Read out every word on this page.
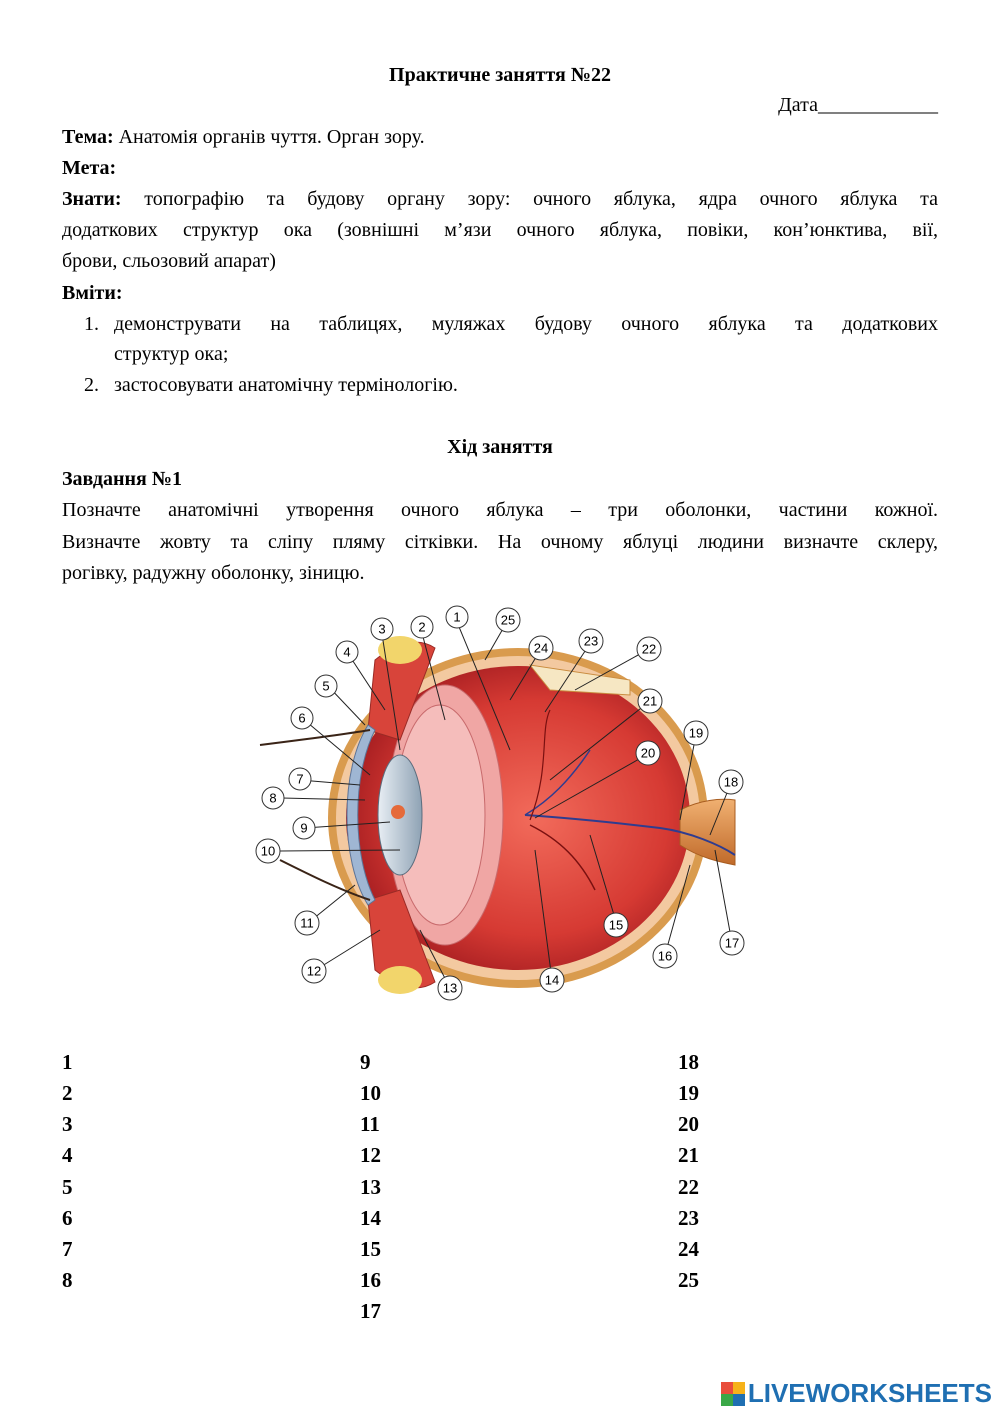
Практичне заняття №22
Дата____________
Тема: Анатомія органів чуття. Орган зору.
Мета:
Знати: топографію та будову органу зору: очного яблука, ядра очного яблука та
додаткових структур ока (зовнішні м’язи очного яблука, повіки, кон’юнктива, вії,
брови, сльозовий апарат)
Вміти:
1. демонструвати на таблицях, муляжах будову очного яблука та додаткових
структур ока;
2. застосовувати анатомічну термінологію.
Хід заняття
Завдання №1
Позначте анатомічні утворення очного яблука – три оболонки, частини кожної.
Визначте жовту та сліпу пляму сітківки. На очному яблуці людини визначте склеру,
рогівку, радужну оболонку, зіницю.
1
2
3
4
5
6
7
8
9
10
11
12
13
14
15
16
17
18
19
20
21
22
23
24
25
1
2
3
4
5
6
7
8
9
10
11
12
13
14
15
16
17
18
19
20
21
22
23
24
25
LIVEWORKSHEETS
